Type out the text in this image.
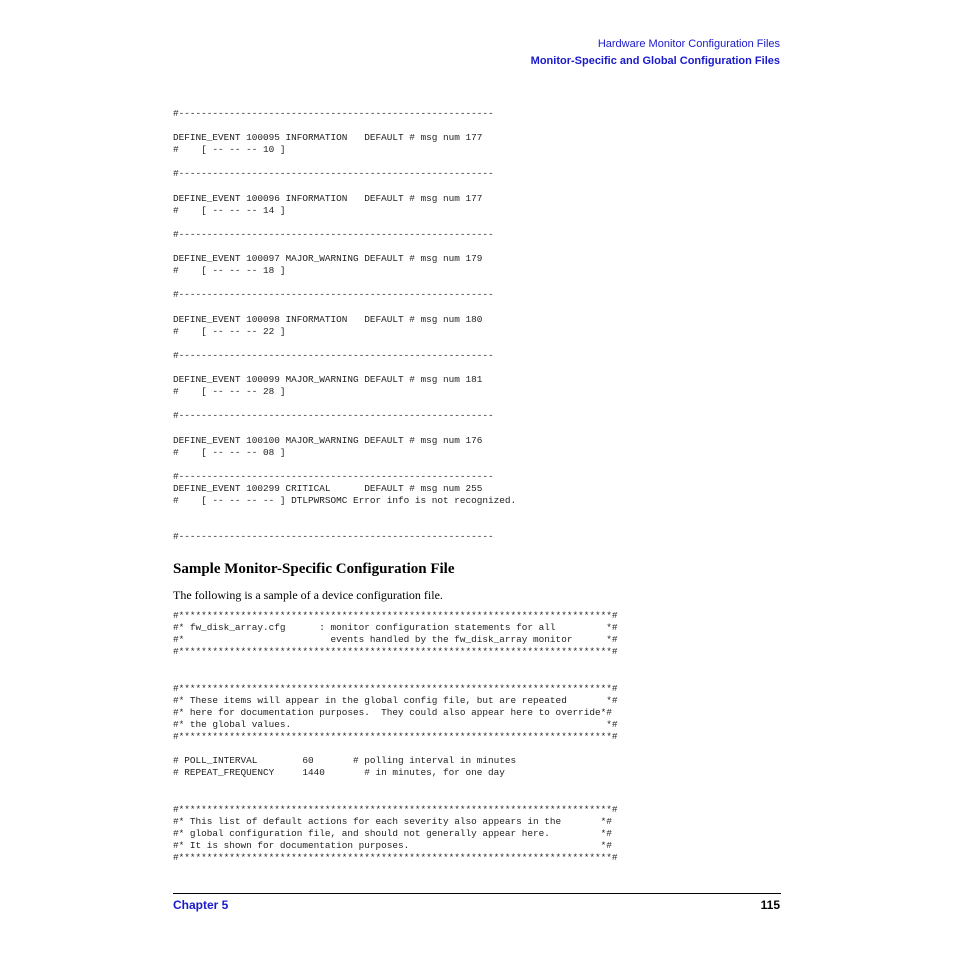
Hardware Monitor Configuration Files
Monitor-Specific and Global Configuration Files
#--------------------------------------------------------

DEFINE_EVENT 100095 INFORMATION   DEFAULT # msg num 177
#    [ -- -- -- 10 ]

#--------------------------------------------------------

DEFINE_EVENT 100096 INFORMATION   DEFAULT # msg num 177
#    [ -- -- -- 14 ]

#--------------------------------------------------------

DEFINE_EVENT 100097 MAJOR_WARNING DEFAULT # msg num 179
#    [ -- -- -- 18 ]

#--------------------------------------------------------

DEFINE_EVENT 100098 INFORMATION   DEFAULT # msg num 180
#    [ -- -- -- 22 ]

#--------------------------------------------------------

DEFINE_EVENT 100099 MAJOR_WARNING DEFAULT # msg num 181
#    [ -- -- -- 28 ]

#--------------------------------------------------------

DEFINE_EVENT 100100 MAJOR_WARNING DEFAULT # msg num 176
#    [ -- -- -- 08 ]

#--------------------------------------------------------
DEFINE_EVENT 100299 CRITICAL      DEFAULT # msg num 255
#    [ -- -- -- -- ] DTLPWRSOMC Error info is not recognized.

#--------------------------------------------------------
Sample Monitor-Specific Configuration File

The following is a sample of a device configuration file.

#*****************************************************************************#
#* fw_disk_array.cfg      : monitor configuration statements for all         *#
#*                          events handled by the fw_disk_array monitor      *#
#*****************************************************************************#

#*****************************************************************************#
#* These items will appear in the global config file, but are repeated       *#
#* here for documentation purposes.  They could also appear here to override*#
#* the global values.                                                        *#
#*****************************************************************************#

# POLL_INTERVAL        60       # polling interval in minutes
# REPEAT_FREQUENCY     1440       # in minutes, for one day

#*****************************************************************************#
#* This list of default actions for each severity also appears in the       *#
#* global configuration file, and should not generally appear here.         *#
#* It is shown for documentation purposes.                                  *#
#*****************************************************************************#
Chapter 5	115
